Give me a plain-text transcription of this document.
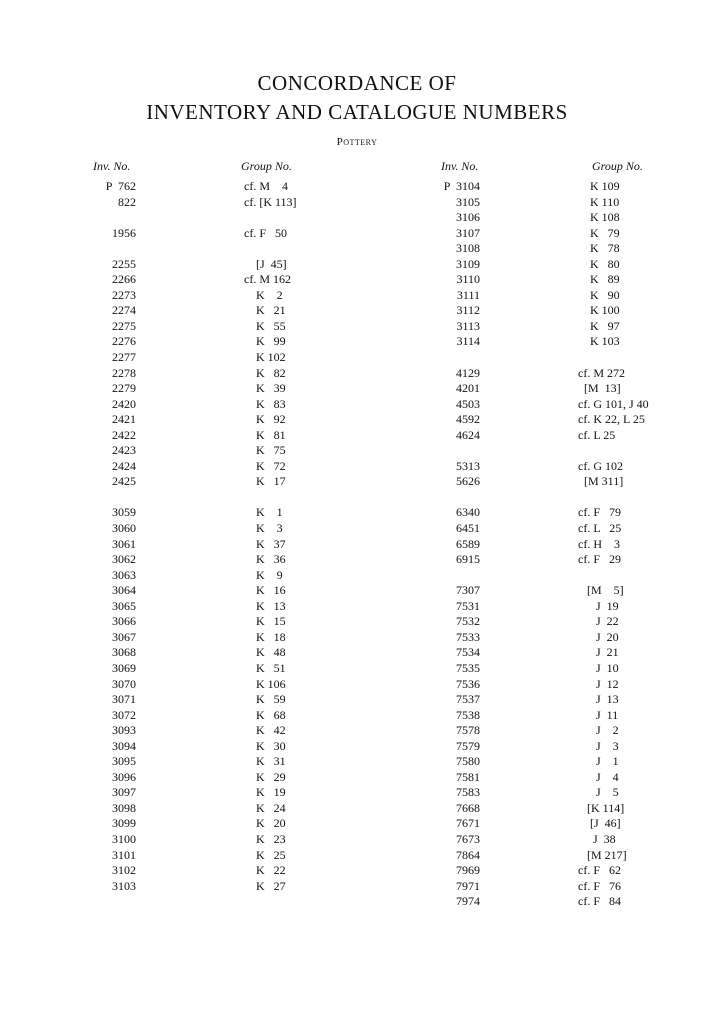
CONCORDANCE OF
INVENTORY AND CATALOGUE NUMBERS
Pottery
Inv. No.	Group No.	Inv. No.	Group No.
P  762	cf. M    4
822	cf. [K 113]
1956	cf. F   50
2255	[J  45]
2266	cf. M 162
2273	K    2
2274	K   21
2275	K   55
2276	K   99
2277	K 102
2278	K   82
2279	K   39
2420	K   83
2421	K   92
2422	K   81
2423	K   75
2424	K   72
2425	K   17
3059	K    1
3060	K    3
3061	K   37
3062	K   36
3063	K    9
3064	K   16
3065	K   13
3066	K   15
3067	K   18
3068	K   48
3069	K   51
3070	K 106
3071	K   59
3072	K   68
3093	K   42
3094	K   30
3095	K   31
3096	K   29
3097	K   19
3098	K   24
3099	K   20
3100	K   23
3101	K   25
3102	K   22
3103	K   27
P  3104	K 109
3105	K 110
3106	K 108
3107	K   79
3108	K   78
3109	K   80
3110	K   89
3111	K   90
3112	K 100
3113	K   97
3114	K 103
4129	cf. M 272
4201	[M  13]
4503	cf. G 101, J 40
4592	cf. K 22, L 25
4624	cf. L 25
5313	cf. G 102
5626	[M 311]
6340	cf. F   79
6451	cf. L   25
6589	cf. H    3
6915	cf. F   29
7307	[M    5]
7531	J  19
7532	J  22
7533	J  20
7534	J  21
7535	J  10
7536	J  12
7537	J  13
7538	J  11
7578	J    2
7579	J    3
7580	J    1
7581	J    4
7583	J    5
7668	[K 114]
7671	[J  46]
7673	J  38
7864	[M 217]
7969	cf. F   62
7971	cf. F   76
7974	cf. F   84
